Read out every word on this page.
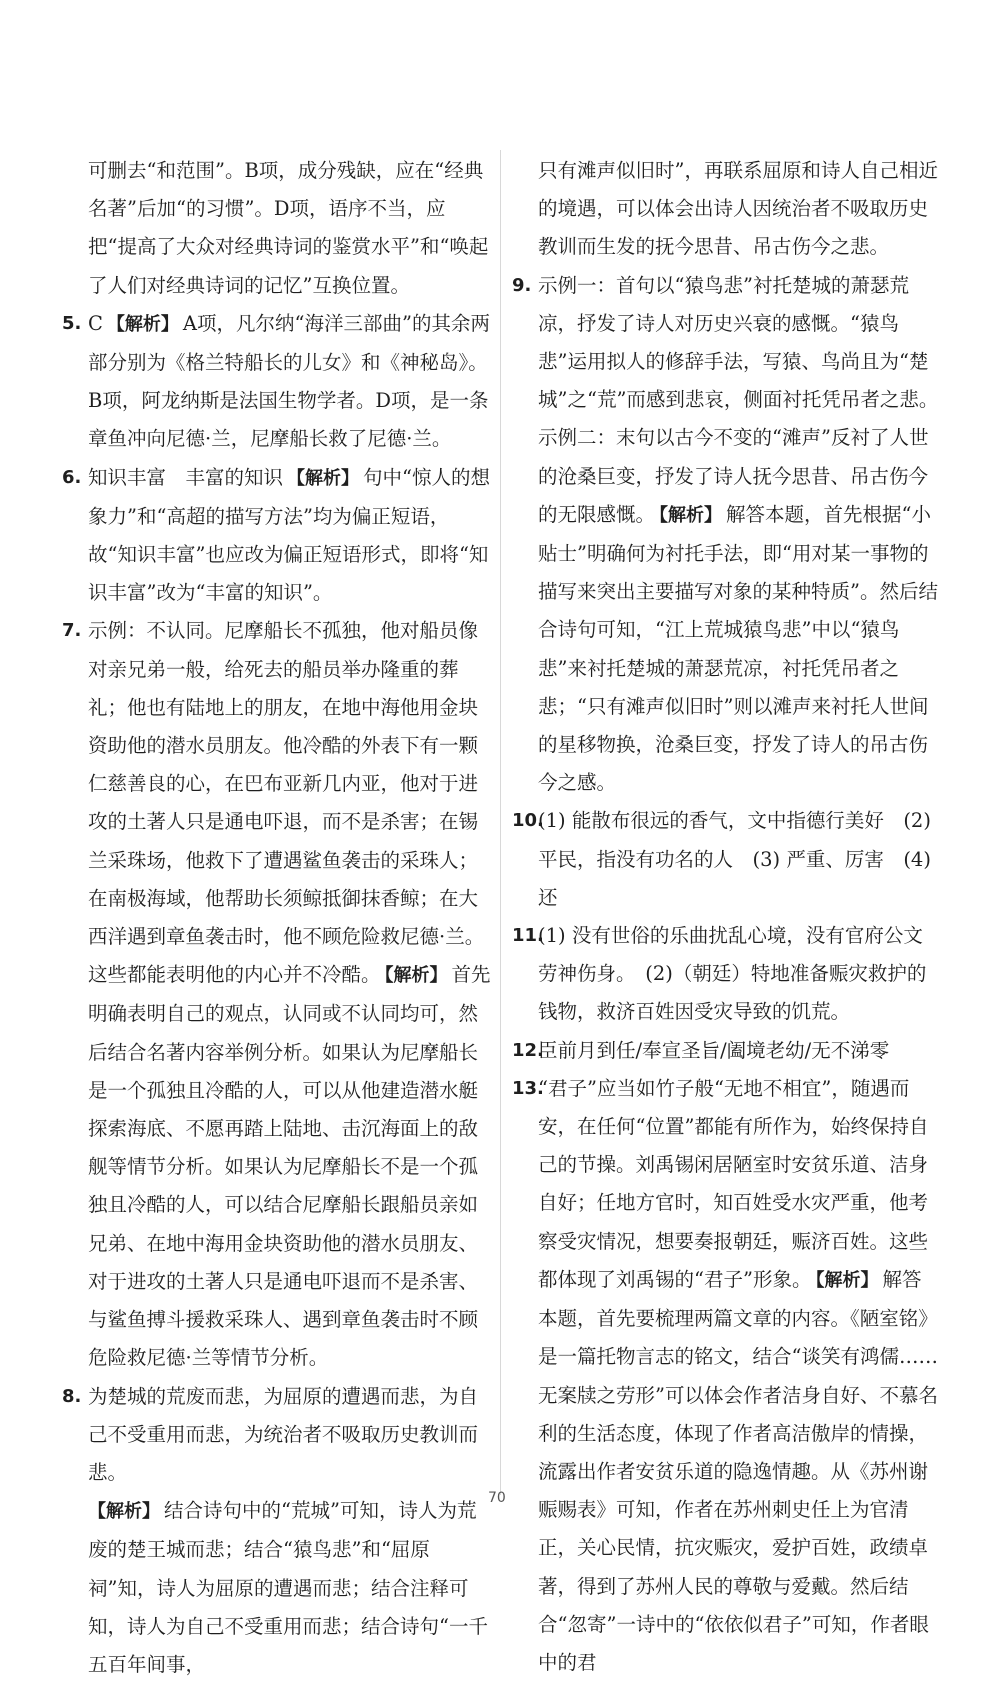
可删去“和范围”。B项，成分残缺，应在“经典名著”后加“的习惯”。D项，语序不当，应把“提高了大众对经典诗词的鉴赏水平”和“唤起了人们对经典诗词的记忆”互换位置。

5. C 【解析】 A项，凡尔纳“海洋三部曲”的其余两部分别为《格兰特船长的儿女》和《神秘岛》。B项，阿龙纳斯是法国生物学者。D项，是一条章鱼冲向尼德·兰，尼摩船长救了尼德·兰。

6. 知识丰富　丰富的知识 【解析】 句中“惊人的想象力”和“高超的描写方法”均为偏正短语，故“知识丰富”也应改为偏正短语形式，即将“知识丰富”改为“丰富的知识”。

7. 示例：不认同。尼摩船长不孤独，他对船员像对亲兄弟一般，给死去的船员举办隆重的葬礼；他也有陆地上的朋友，在地中海他用金块资助他的潜水员朋友。他冷酷的外表下有一颗仁慈善良的心，在巴布亚新几内亚，他对于进攻的土著人只是通电吓退，而不是杀害；在锡兰采珠场，他救下了遭遇鲨鱼袭击的采珠人；在南极海域，他帮助长须鲸抵御抹香鲸；在大西洋遇到章鱼袭击时，他不顾危险救尼德·兰。这些都能表明他的内心并不冷酷。 【解析】 首先明确表明自己的观点，认同或不认同均可，然后结合名著内容举例分析。如果认为尼摩船长是一个孤独且冷酷的人，可以从他建造潜水艇探索海底、不愿再踏上陆地、击沉海面上的敌舰等情节分析。如果认为尼摩船长不是一个孤独且冷酷的人，可以结合尼摩船长跟船员亲如兄弟、在地中海用金块资助他的潜水员朋友、对于进攻的土著人只是通电吓退而不是杀害、与鲨鱼搏斗援救采珠人、遇到章鱼袭击时不顾危险救尼德·兰等情节分析。

8. 为楚城的荒废而悲，为屈原的遭遇而悲，为自己不受重用而悲，为统治者不吸取历史教训而悲。

【解析】 结合诗句中的“荒城”可知，诗人为荒废的楚王城而悲；结合“猿鸟悲”和“屈原祠”知，诗人为屈原的遭遇而悲；结合注释可知，诗人为自己不受重用而悲；结合诗句“一千五百年间事，

只有滩声似旧时”，再联系屈原和诗人自己相近的境遇，可以体会出诗人因统治者不吸取历史教训而生发的抚今思昔、吊古伤今之悲。

9. 示例一：首句以“猿鸟悲”衬托楚城的萧瑟荒凉，抒发了诗人对历史兴衰的感慨。“猿鸟悲”运用拟人的修辞手法，写猿、鸟尚且为“楚城”之“荒”而感到悲哀，侧面衬托凭吊者之悲。示例二：末句以古今不变的“滩声”反衬了人世的沧桑巨变，抒发了诗人抚今思昔、吊古伤今的无限感慨。 【解析】 解答本题，首先根据“小贴士”明确何为衬托手法，即“用对某一事物的描写来突出主要描写对象的某种特质”。然后结合诗句可知，“江上荒城猿鸟悲”中以“猿鸟悲”来衬托楚城的萧瑟荒凉，衬托凭吊者之悲；“只有滩声似旧时”则以滩声来衬托人世间的星移物换，沧桑巨变，抒发了诗人的吊古伤今之感。

10.

(1) 能散布很远的香气，文中指德行美好　(2) 平民，指没有功名的人　(3) 严重、厉害　(4) 还

11.

(1) 没有世俗的乐曲扰乱心境，没有官府公文劳神伤身。　(2)（朝廷）特地准备赈灾救护的钱物，救济百姓因受灾导致的饥荒。

12.

臣前月到任/奉宣圣旨/阖境老幼/无不涕零

13.

“君子”应当如竹子般“无地不相宜”，随遇而安，在任何“位置”都能有所作为，始终保持自己的节操。刘禹锡闲居陋室时安贫乐道、洁身自好；任地方官时，知百姓受水灾严重，他考察受灾情况，想要奏报朝廷，赈济百姓。这些都体现了刘禹锡的“君子”形象。 【解析】 解答本题，首先要梳理两篇文章的内容。《陋室铭》是一篇托物言志的铭文，结合“谈笑有鸿儒……无案牍之劳形”可以体会作者洁身自好、不慕名利的生活态度，体现了作者高洁傲岸的情操，流露出作者安贫乐道的隐逸情趣。从《苏州谢赈赐表》可知，作者在苏州刺史任上为官清正，关心民情，抗灾赈灾，爱护百姓，政绩卓著，得到了苏州人民的尊敬与爱戴。然后结合“忽寄”一诗中的“依依似君子”可知，作者眼中的君

70
